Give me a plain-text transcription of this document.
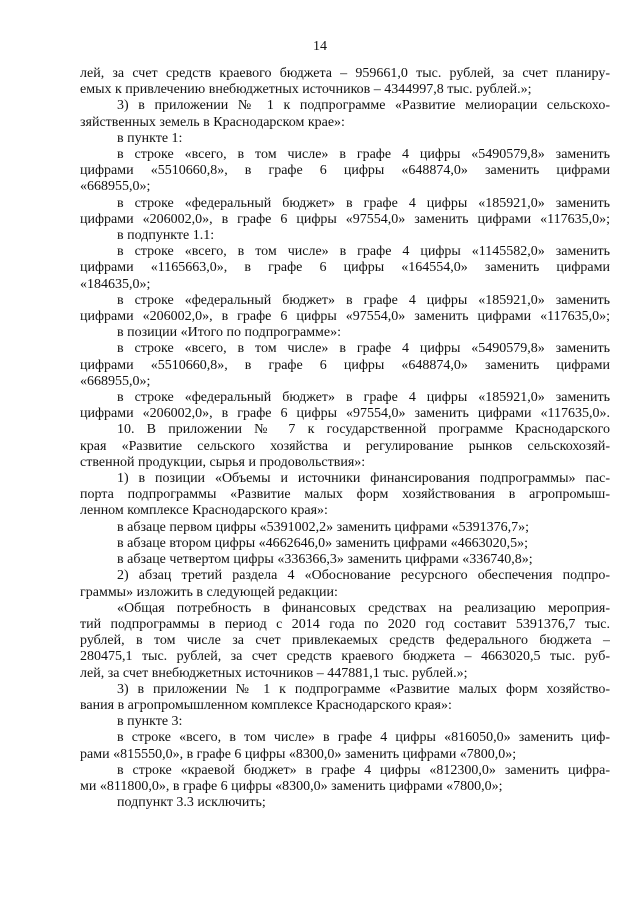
14

лей, за счет средств краевого бюджета – 959661,0 тыс. рублей, за счет планиру-

емых к привлечению внебюджетных источников – 4344997,8 тыс. рублей.»;

3) в приложении № 1 к подпрограмме «Развитие мелиорации сельскохо-

зяйственных земель в Краснодарском крае»:

в пункте 1:

в строке «всего, в том числе» в графе 4 цифры «5490579,8» заменить

цифрами «5510660,8», в графе 6 цифры «648874,0» заменить цифрами

«668955,0»;

в строке «федеральный бюджет» в графе 4 цифры «185921,0» заменить

цифрами «206002,0», в графе 6 цифры «97554,0» заменить цифрами «117635,0»;

в подпункте 1.1:

в строке «всего, в том числе» в графе 4 цифры «1145582,0» заменить

цифрами «1165663,0», в графе 6 цифры «164554,0» заменить цифрами

«184635,0»;

в строке «федеральный бюджет» в графе 4 цифры «185921,0» заменить

цифрами «206002,0», в графе 6 цифры «97554,0» заменить цифрами «117635,0»;

в позиции «Итого по подпрограмме»:

в строке «всего, в том числе» в графе 4 цифры «5490579,8» заменить

цифрами «5510660,8», в графе 6 цифры «648874,0» заменить цифрами

«668955,0»;

в строке «федеральный бюджет» в графе 4 цифры «185921,0» заменить

цифрами «206002,0», в графе 6 цифры «97554,0» заменить цифрами «117635,0».

10. В приложении № 7 к государственной программе Краснодарского

края «Развитие сельского хозяйства и регулирование рынков сельскохозяй-

ственной продукции, сырья и продовольствия»:

1) в позиции «Объемы и источники финансирования подпрограммы» пас-

порта подпрограммы «Развитие малых форм хозяйствования в агропромыш-

ленном комплексе Краснодарского края»:

в абзаце первом цифры «5391002,2» заменить цифрами «5391376,7»;

в абзаце втором цифры «4662646,0» заменить цифрами «4663020,5»;

в абзаце четвертом цифры «336366,3» заменить цифрами «336740,8»;

2) абзац третий раздела 4 «Обоснование ресурсного обеспечения подпро-

граммы» изложить в следующей редакции:

«Общая потребность в финансовых средствах на реализацию мероприя-

тий подпрограммы в период с 2014 года по 2020 год составит 5391376,7 тыс.

рублей, в том числе за счет привлекаемых средств федерального бюджета –

280475,1 тыс. рублей, за счет средств краевого бюджета – 4663020,5 тыс. руб-

лей, за счет внебюджетных источников – 447881,1 тыс. рублей.»;

3) в приложении № 1 к подпрограмме «Развитие малых форм хозяйство-

вания в агропромышленном комплексе Краснодарского края»:

в пункте 3:

в строке «всего, в том числе» в графе 4 цифры «816050,0» заменить циф-

рами «815550,0», в графе 6 цифры «8300,0» заменить цифрами «7800,0»;

в строке «краевой бюджет» в графе 4 цифры «812300,0» заменить цифра-

ми «811800,0», в графе 6 цифры «8300,0» заменить цифрами «7800,0»;

подпункт 3.3 исключить;
